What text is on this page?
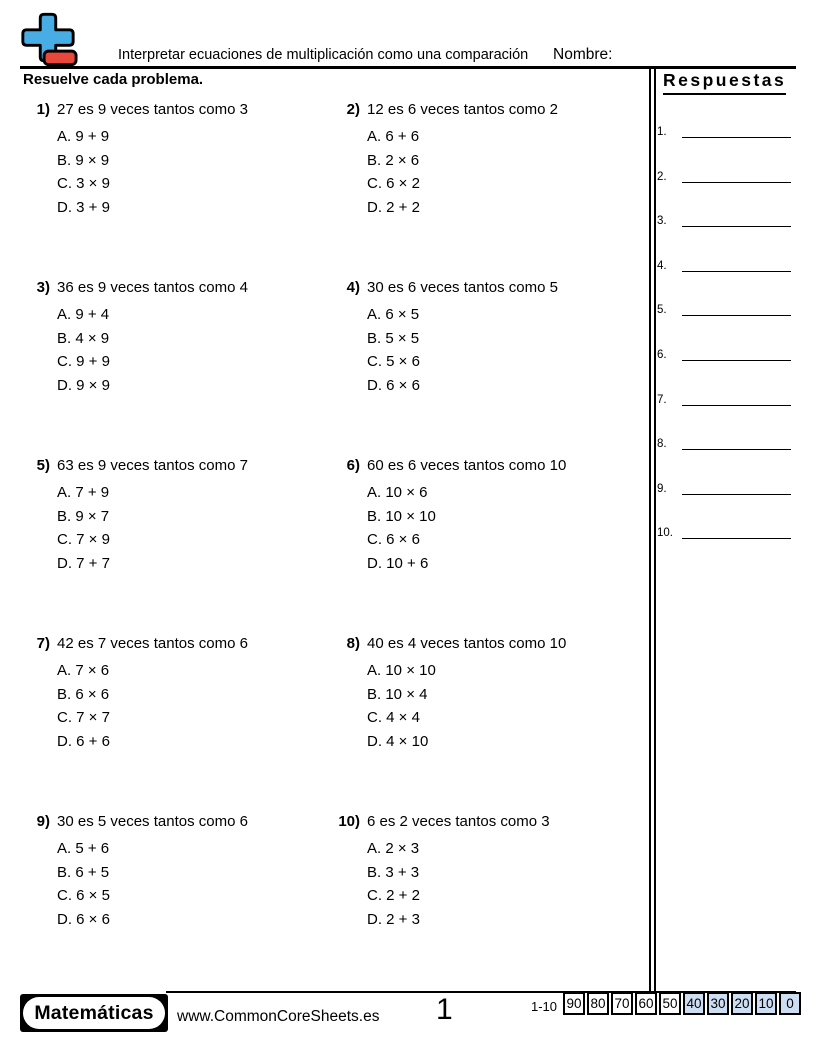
Interpretar ecuaciones de multiplicación como una comparación Nombre:
Resuelve cada problema.
1) 27 es 9 veces tantos como 3
A. 9 + 9
B. 9 × 9
C. 3 × 9
D. 3 + 9
2) 12 es 6 veces tantos como 2
A. 6 + 6
B. 2 × 6
C. 6 × 2
D. 2 + 2
3) 36 es 9 veces tantos como 4
A. 9 + 4
B. 4 × 9
C. 9 + 9
D. 9 × 9
4) 30 es 6 veces tantos como 5
A. 6 × 5
B. 5 × 5
C. 5 × 6
D. 6 × 6
5) 63 es 9 veces tantos como 7
A. 7 + 9
B. 9 × 7
C. 7 × 9
D. 7 + 7
6) 60 es 6 veces tantos como 10
A. 10 × 6
B. 10 × 10
C. 6 × 6
D. 10 + 6
7) 42 es 7 veces tantos como 6
A. 7 × 6
B. 6 × 6
C. 7 × 7
D. 6 + 6
8) 40 es 4 veces tantos como 10
A. 10 × 10
B. 10 × 4
C. 4 × 4
D. 4 × 10
9) 30 es 5 veces tantos como 6
A. 5 + 6
B. 6 + 5
C. 6 × 5
D. 6 × 6
10) 6 es 2 veces tantos como 3
A. 2 × 3
B. 3 + 3
C. 2 + 2
D. 2 + 3
Respuestas
1.
2.
3.
4.
5.
6.
7.
8.
9.
10.
Matemáticas	www.CommonCoreSheets.es 1	1-10 90 80 70 60 50 40 30 20 10 0
